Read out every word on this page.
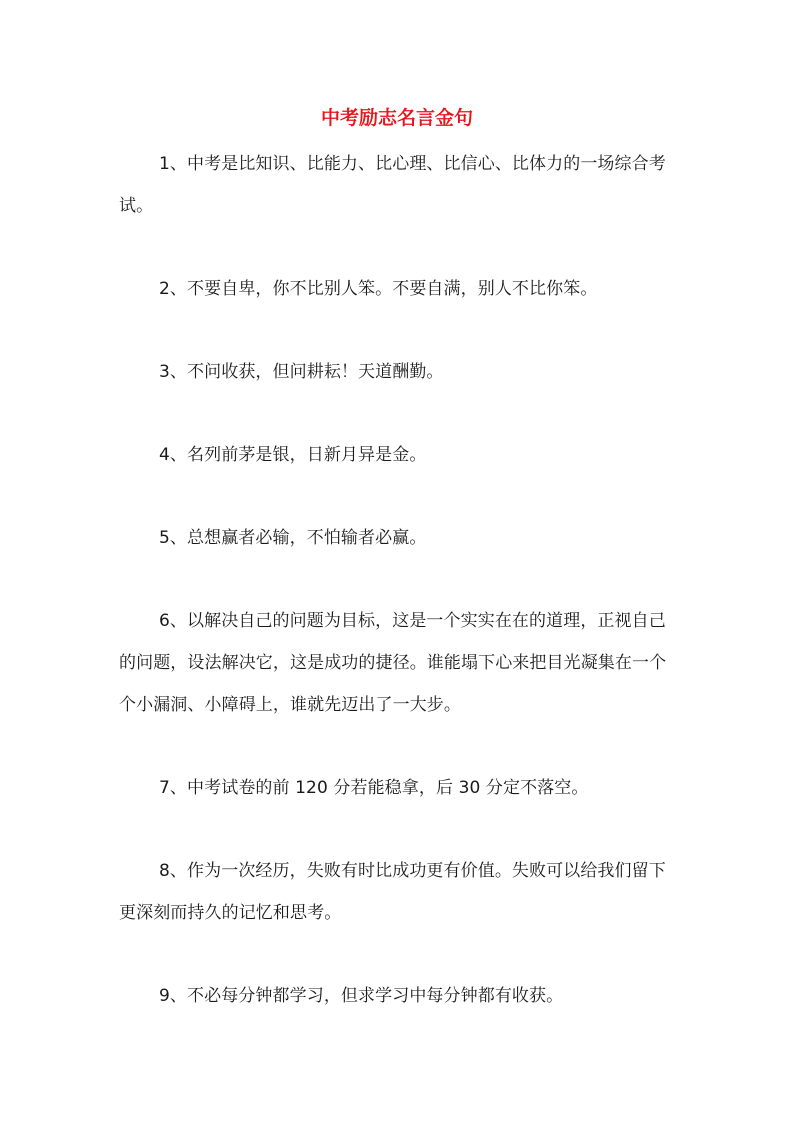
中考励志名言金句

1、中考是比知识、比能力、比心理、比信心、比体力的一场综合考试。

2、不要自卑，你不比别人笨。不要自满，别人不比你笨。

3、不问收获，但问耕耘！天道酬勤。

4、名列前茅是银，日新月异是金。

5、总想赢者必输，不怕输者必赢。

6、以解决自己的问题为目标，这是一个实实在在的道理，正视自己的问题，设法解决它，这是成功的捷径。谁能塌下心来把目光凝集在一个个小漏洞、小障碍上，谁就先迈出了一大步。

7、中考试卷的前 120 分若能稳拿，后 30 分定不落空。

8、作为一次经历，失败有时比成功更有价值。失败可以给我们留下更深刻而持久的记忆和思考。

9、不必每分钟都学习，但求学习中每分钟都有收获。
